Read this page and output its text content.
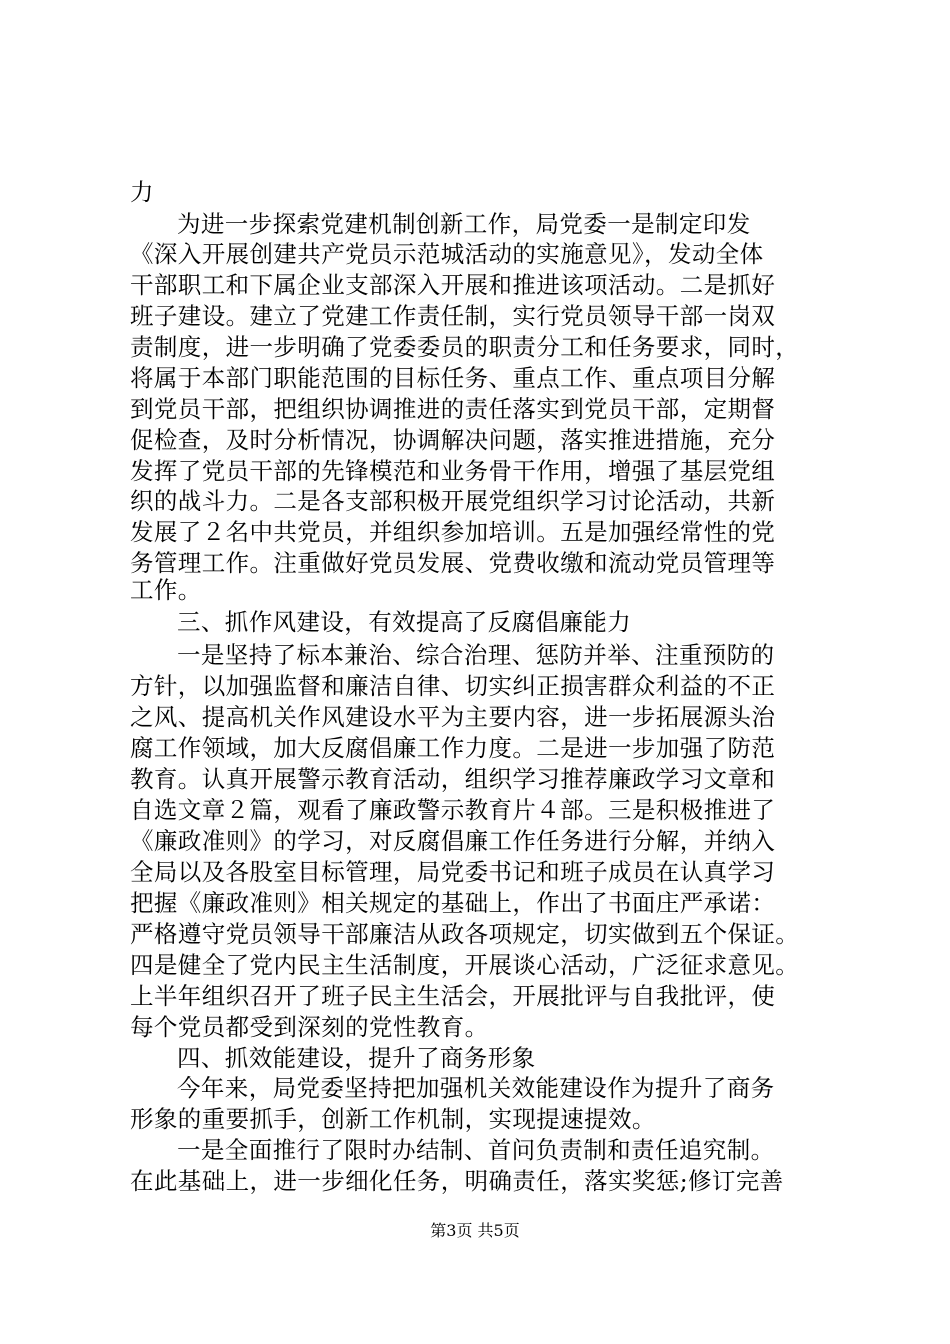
力
为进一步探索党建机制创新工作，局党委一是制定印发
《深入开展创建共产党员示范城活动的实施意见》，发动全体
干部职工和下属企业支部深入开展和推进该项活动。二是抓好
班子建设。建立了党建工作责任制，实行党员领导干部一岗双
责制度，进一步明确了党委委员的职责分工和任务要求，同时，
将属于本部门职能范围的目标任务、重点工作、重点项目分解
到党员干部，把组织协调推进的责任落实到党员干部，定期督
促检查，及时分析情况，协调解决问题，落实推进措施，充分
发挥了党员干部的先锋模范和业务骨干作用，增强了基层党组
织的战斗力。二是各支部积极开展党组织学习讨论活动，共新
发展了２名中共党员，并组织参加培训。五是加强经常性的党
务管理工作。注重做好党员发展、党费收缴和流动党员管理等
工作。
三、抓作风建设，有效提高了反腐倡廉能力
一是坚持了标本兼治、综合治理、惩防并举、注重预防的
方针，以加强监督和廉洁自律、切实纠正损害群众利益的不正
之风、提高机关作风建设水平为主要内容，进一步拓展源头治
腐工作领域，加大反腐倡廉工作力度。二是进一步加强了防范
教育。认真开展警示教育活动，组织学习推荐廉政学习文章和
自选文章２篇，观看了廉政警示教育片４部。三是积极推进了
《廉政准则》的学习，对反腐倡廉工作任务进行分解，并纳入
全局以及各股室目标管理，局党委书记和班子成员在认真学习
把握《廉政准则》相关规定的基础上，作出了书面庄严承诺：
严格遵守党员领导干部廉洁从政各项规定，切实做到五个保证。
四是健全了党内民主生活制度，开展谈心活动，广泛征求意见。
上半年组织召开了班子民主生活会，开展批评与自我批评，使
每个党员都受到深刻的党性教育。
四、抓效能建设，提升了商务形象
今年来，局党委坚持把加强机关效能建设作为提升了商务
形象的重要抓手，创新工作机制，实现提速提效。
一是全面推行了限时办结制、首问负责制和责任追究制。
在此基础上，进一步细化任务，明确责任，落实奖惩;修订完善
第3页 共5页
